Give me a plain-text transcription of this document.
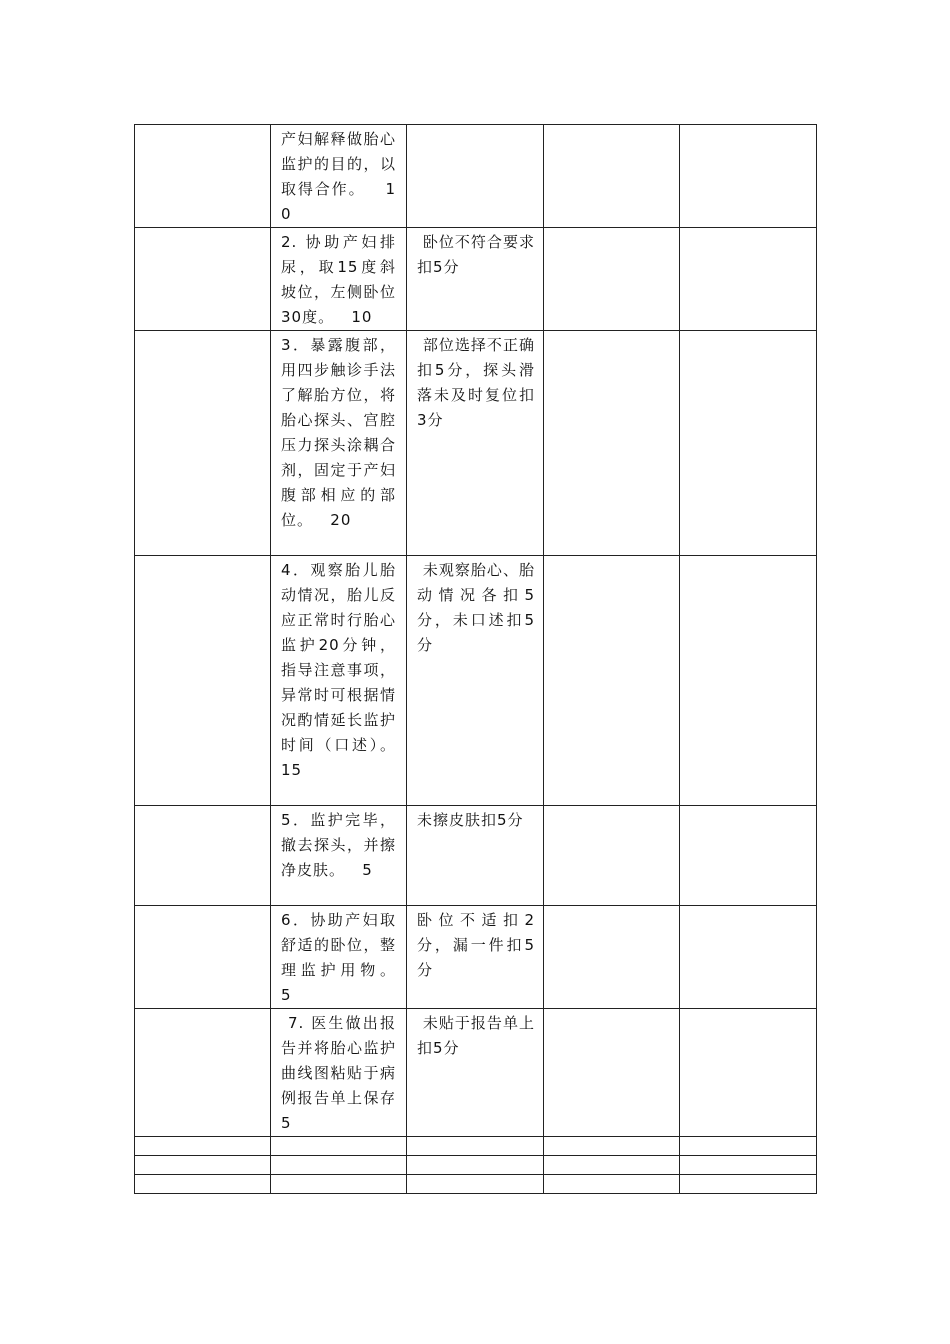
	产妇解释做胎心监护的目的，以取得合作。   10			

	2. 协助产妇排尿，取15度斜坡位，左侧卧位30度。   10	卧位不符合要求扣5分		

	3．暴露腹部，用四步触诊手法了解胎方位，将胎心探头、宫腔压力探头涂耦合剂，固定于产妇腹部相应的部位。   20	部位选择不正确扣5分，探头滑落未及时复位扣3分		

	4．观察胎儿胎动情况，胎儿反应正常时行胎心监护20分钟，指导注意事项，异常时可根据情况酌情延长监护时间（口述）。   15	未观察胎心、胎动情况各扣5分，未口述扣5分		

	5．监护完毕，撤去探头，并擦净皮肤。   5	未擦皮肤扣5分		

	6．协助产妇取舒适的卧位，整理监护用物。   5	卧位不适扣2分，漏一件扣5分		

	7. 医生做出报告并将胎心监护曲线图粘贴于病例报告单上保存   5	未贴于报告单上扣5分		
